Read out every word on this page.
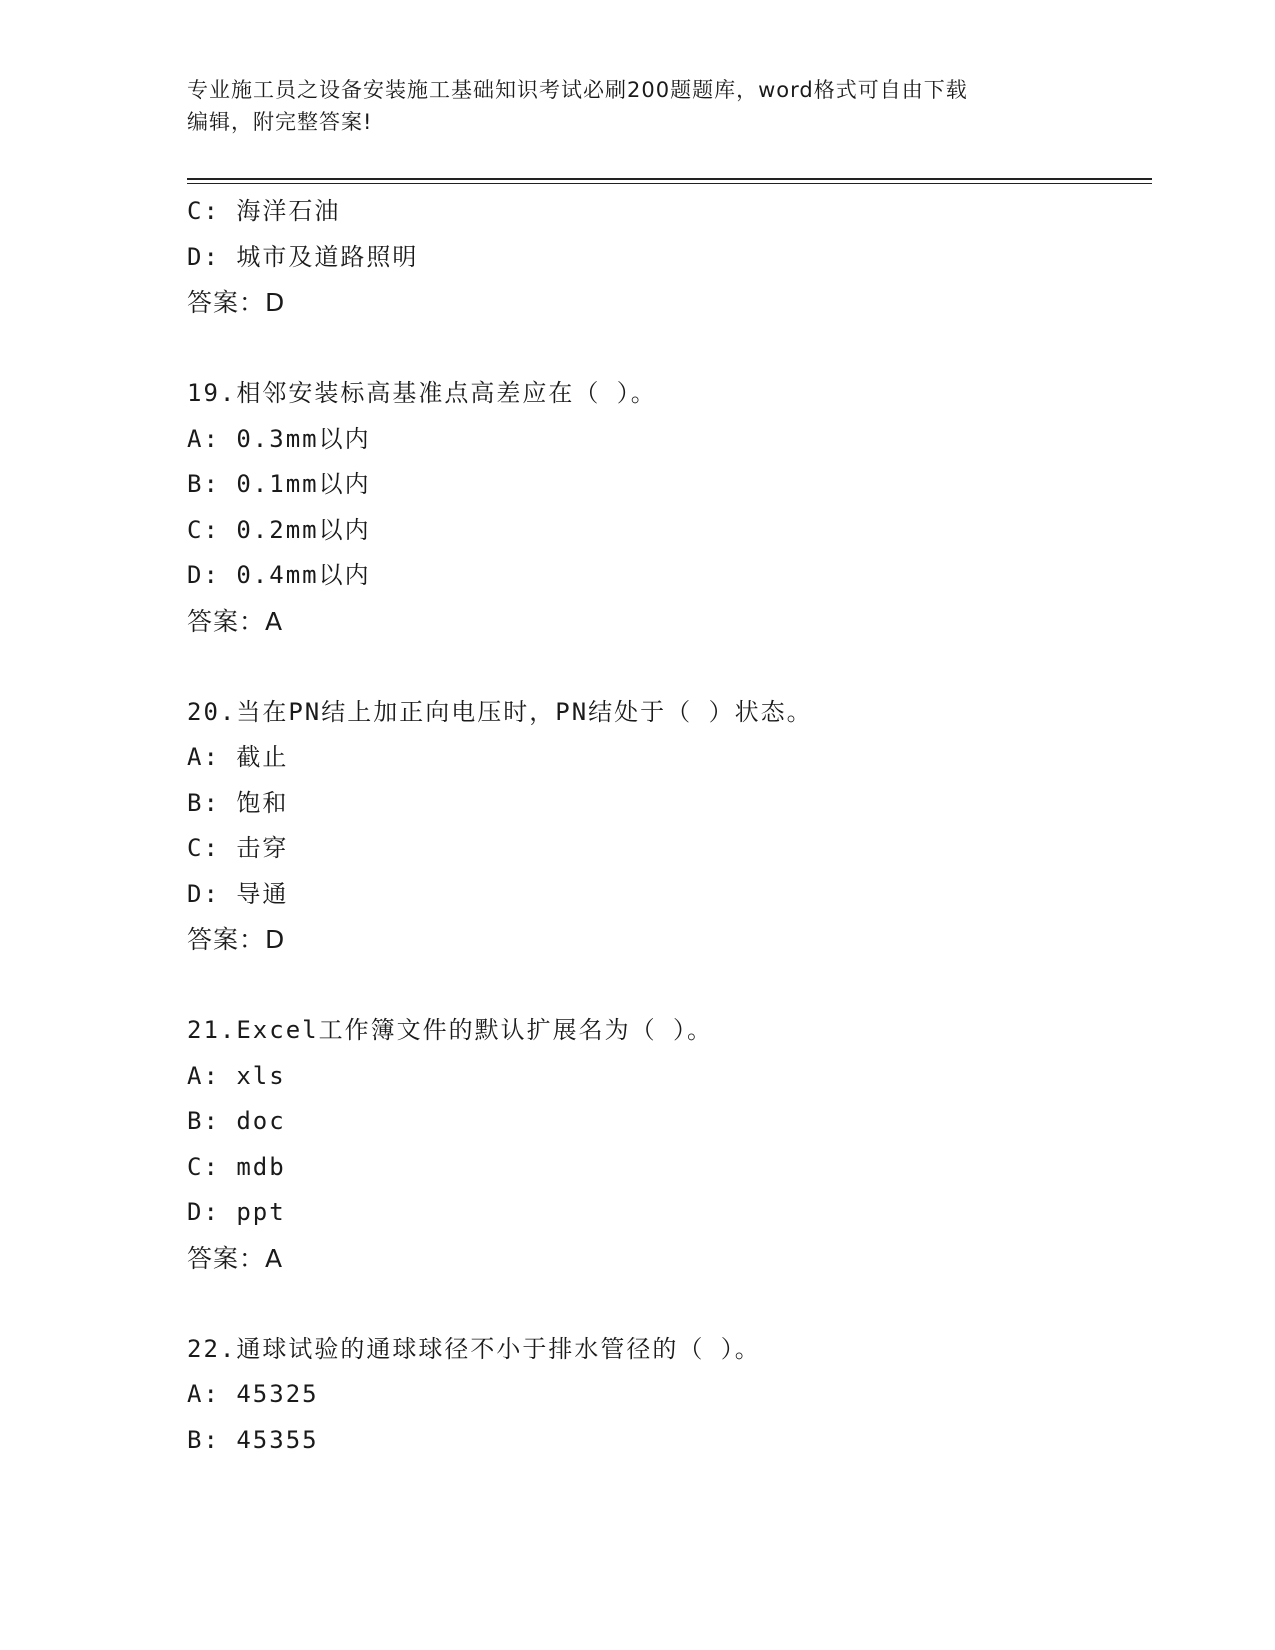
专业施工员之设备安装施工基础知识考试必刷200题题库，word格式可自由下载
编辑，附完整答案!
C: 海洋石油
D: 城市及道路照明
答案：D
19.相邻安装标高基准点高差应在（ ）。
A: 0.3mm以内
B: 0.1mm以内
C: 0.2mm以内
D: 0.4mm以内
答案：A
20.当在PN结上加正向电压时，PN结处于（ ）状态。
A: 截止
B: 饱和
C: 击穿
D: 导通
答案：D
21.Excel工作簿文件的默认扩展名为（ ）。
A: xls
B: doc
C: mdb
D: ppt
答案：A
22.通球试验的通球球径不小于排水管径的（ ）。
A: 45325
B: 45355
